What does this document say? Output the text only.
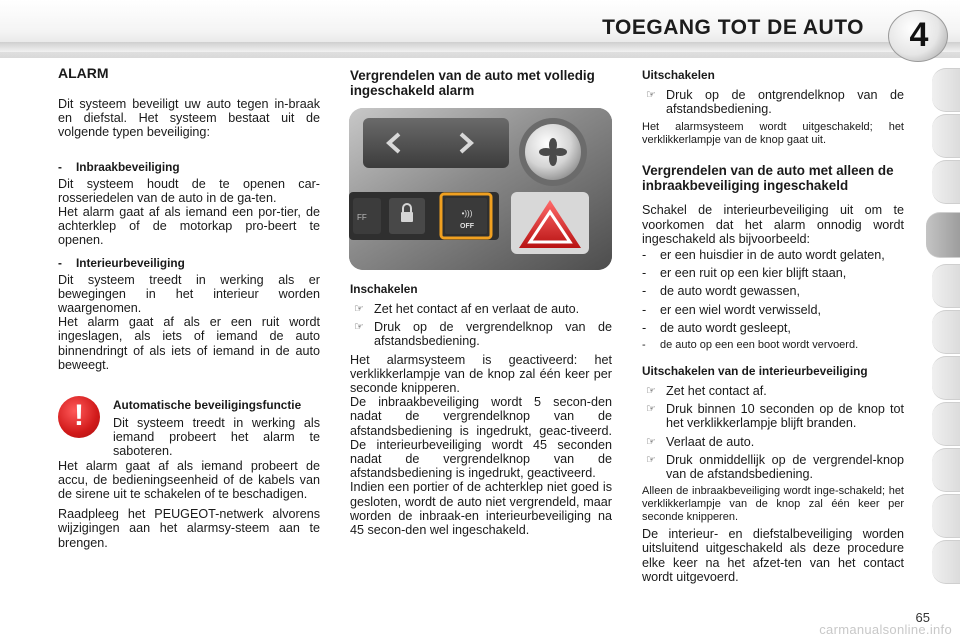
TOEGANG TOT DE AUTO	4
ALARM

Dit systeem beveiligt uw auto tegen in-braak en diefstal. Het systeem bestaat uit de volgende typen beveiliging:

-	Inbraakbeveiliging

Dit systeem houdt de te openen car-rosseriedelen van de auto in de ga-ten.

Het alarm gaat af als iemand een por-tier, de achterklep of de motorkap pro-beert te openen.

-	Interieurbeveiliging

Dit systeem treedt in werking als er bewegingen in het interieur worden waargenomen.

Het alarm gaat af als er een ruit wordt ingeslagen, als iets of iemand de auto binnendringt of als iets of iemand in de auto beweegt.

!	Automatische beveiligingsfunctie

Dit systeem treedt in werking als iemand probeert het alarm te saboteren.

Het alarm gaat af als iemand probeert de accu, de bedieningseenheid of de kabels van de sirene uit te schakelen of te beschadigen.

Raadpleeg het PEUGEOT-netwerk alvorens wijzigingen aan het alarmsy-steem aan te brengen.

Vergrendelen van de auto met volledig ingeschakeld alarm
FF	•)))
OFF
Inschakelen
☞ Zet het contact af en verlaat de auto.
☞ Druk op de vergrendelknop van de afstandsbediening.

Het alarmsysteem is geactiveerd: het verklikkerlampje van de knop zal één keer per seconde knipperen.

De inbraakbeveiliging wordt 5 secon-den nadat de vergrendelknop van de afstandsbediening is ingedrukt, geac-tiveerd. De interieurbeveiliging wordt 45 seconden nadat de vergrendelknop van de afstandsbediening is ingedrukt, geactiveerd.

Indien een portier of de achterklep niet goed is gesloten, wordt de auto niet vergrendeld, maar worden de inbraak-en interieurbeveiliging na 45 secon-den wel ingeschakeld.

Uitschakelen
☞ Druk op de ontgrendelknop van de afstandsbediening.

Het alarmsysteem wordt uitgeschakeld; het verklikkerlampje van de knop gaat uit.

Vergrendelen van de auto met alleen de inbraakbeveiliging ingeschakeld

Schakel de interieurbeveiliging uit om te voorkomen dat het alarm onnodig wordt ingeschakeld als bijvoorbeeld:

-	er een huisdier in de auto wordt gelaten,
-	er een ruit op een kier blijft staan,
-	de auto wordt gewassen,
-	er een wiel wordt verwisseld,
-	de auto wordt gesleept,
-	de auto op een een boot wordt vervoerd.
Uitschakelen van de interieurbeveiliging
☞ Zet het contact af.
☞ Druk binnen 10 seconden op de knop tot het verklikkerlampje blijft branden.
☞ Verlaat de auto.
☞ Druk onmiddellijk op de vergrendel-knop van de afstandsbediening.

Alleen de inbraakbeveiliging wordt inge-schakeld; het verklikkerlampje van de knop zal één keer per seconde knipperen.

De interieur- en diefstalbeveiliging worden uitsluitend uitgeschakeld als deze procedure elke keer na het afzet-ten van het contact wordt uitgevoerd.

65
carmanualsonline.info
